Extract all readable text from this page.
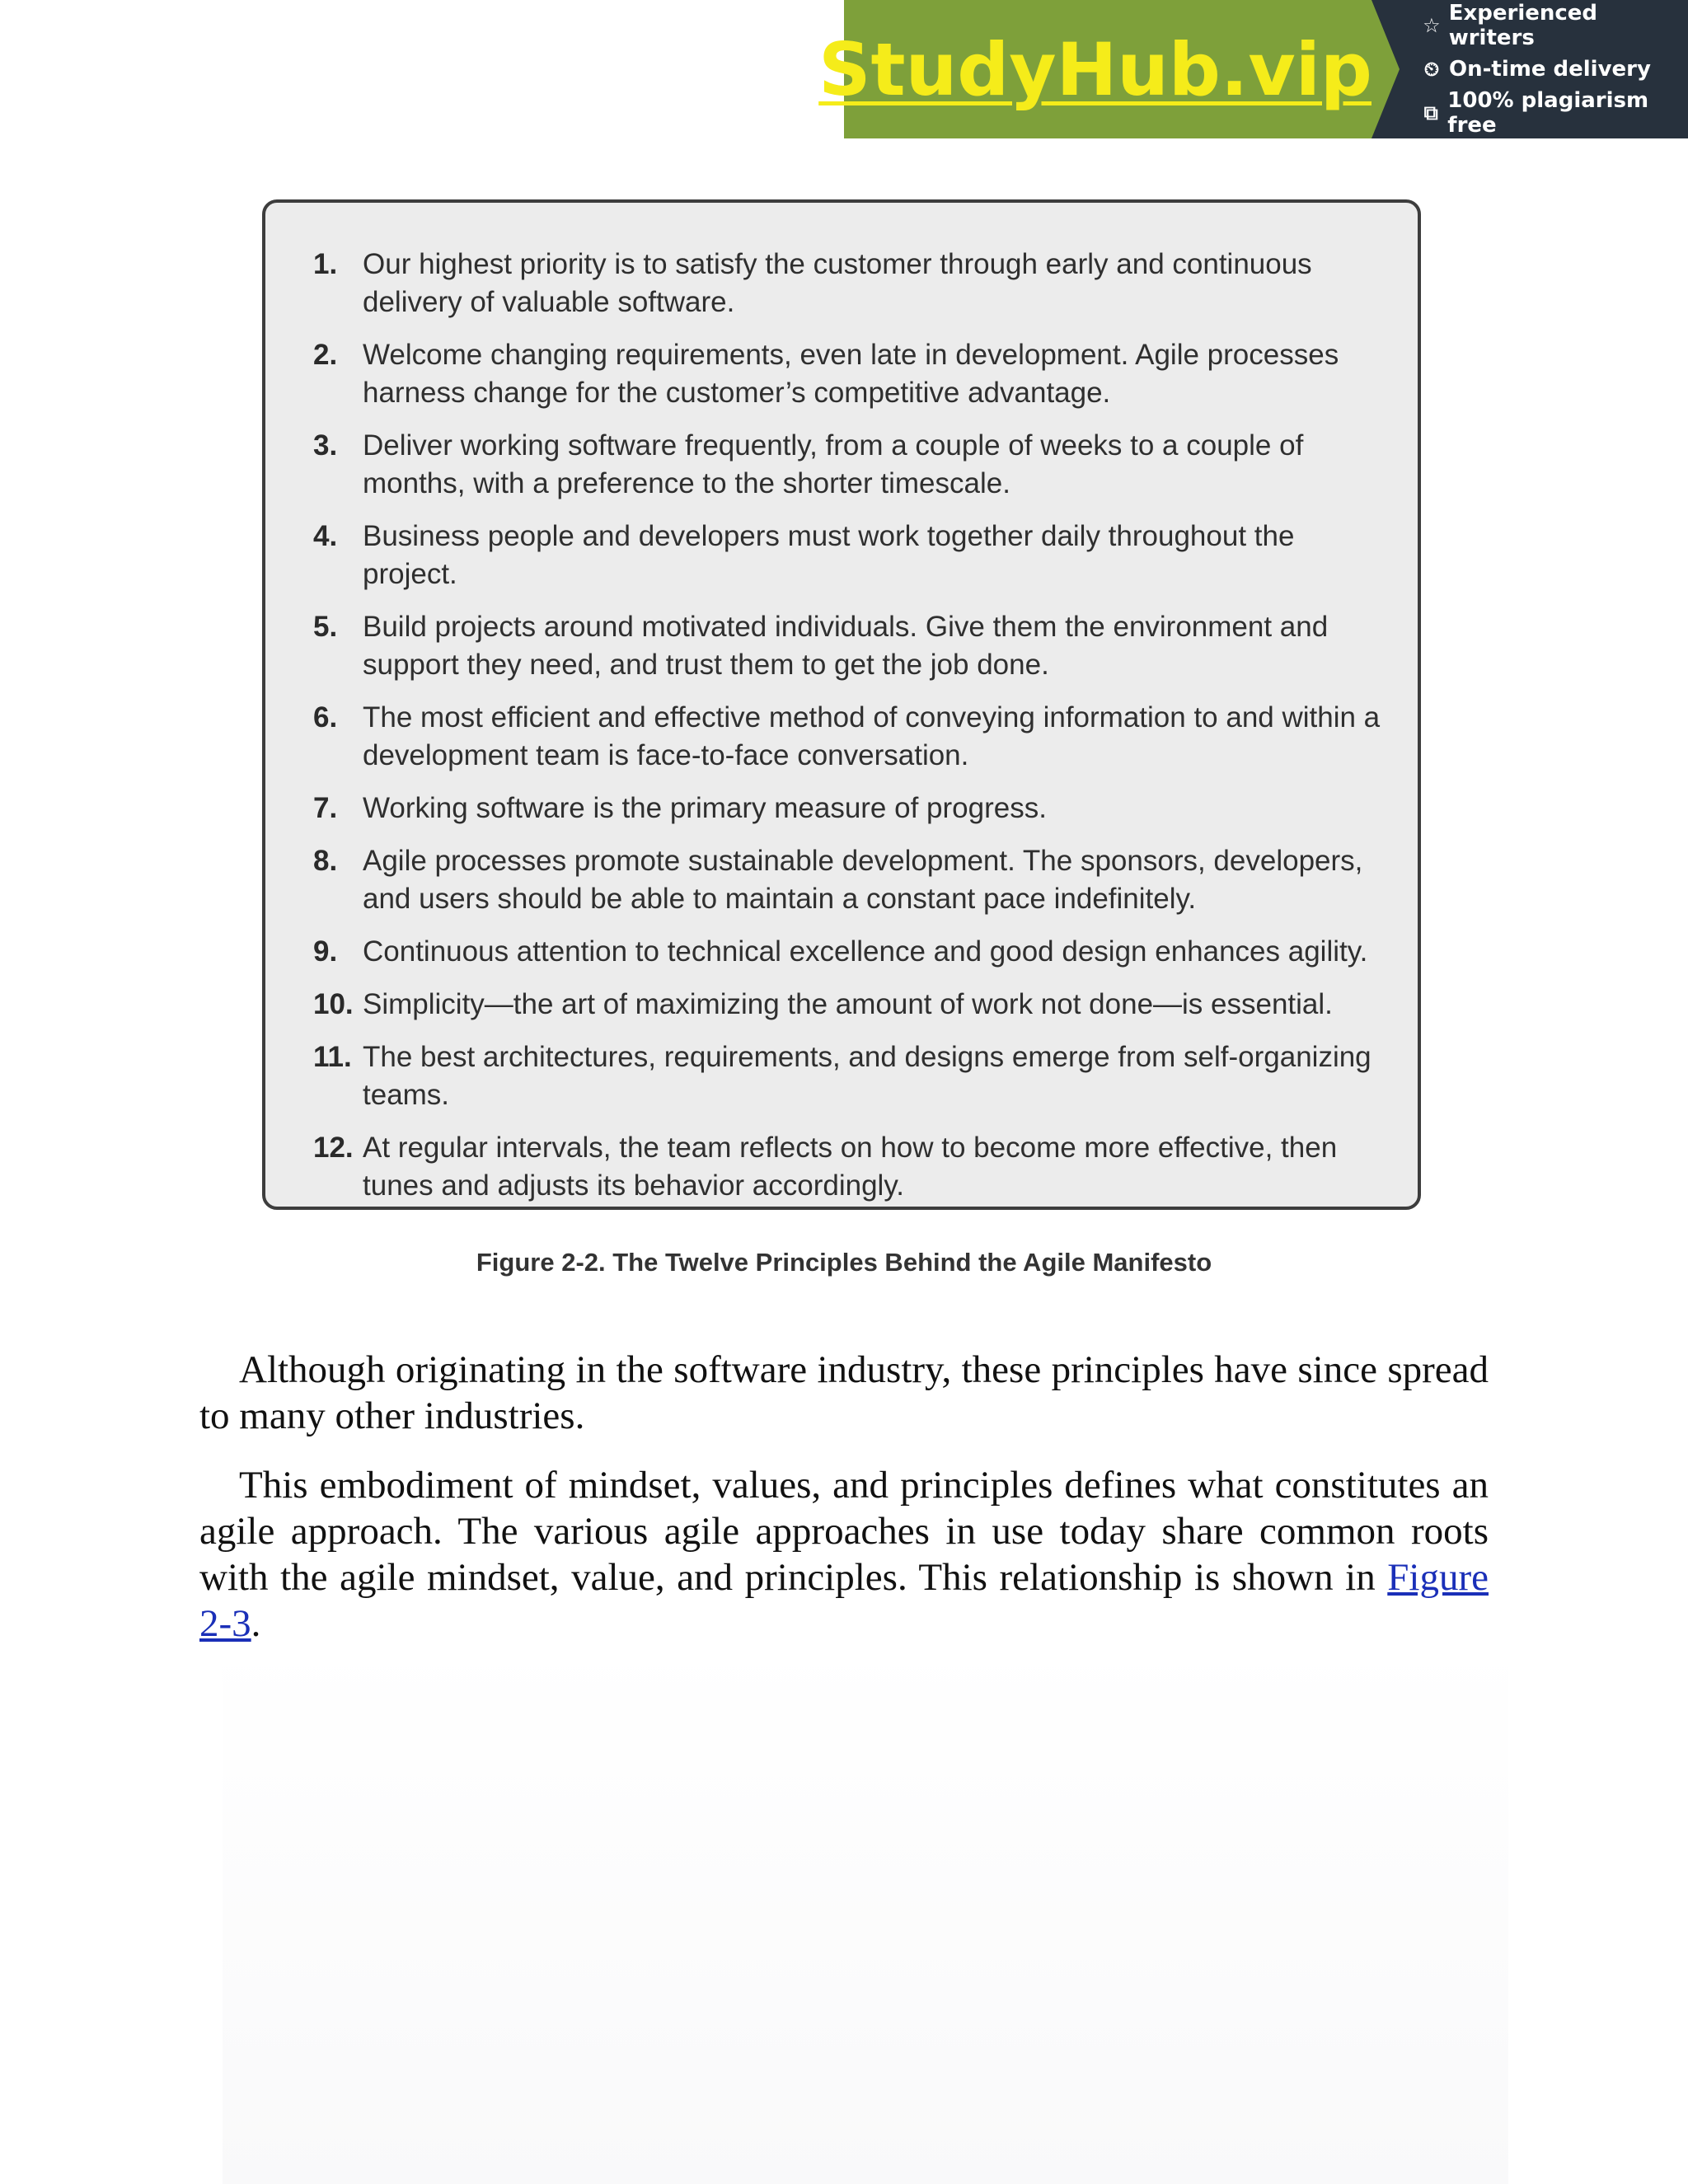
StudyHub.vip
☆ Experienced writers
⏲ On-time delivery
⧉ 100% plagiarism free
1. Our highest priority is to satisfy the customer through early and continuous delivery of valuable software.
2. Welcome changing requirements, even late in development. Agile processes harness change for the customer’s competitive advantage.
3. Deliver working software frequently, from a couple of weeks to a couple of months, with a preference to the shorter timescale.
4. Business people and developers must work together daily throughout the project.
5. Build projects around motivated individuals. Give them the environment and support they need, and trust them to get the job done.
6. The most efficient and effective method of conveying information to and within a development team is face-to-face conversation.
7. Working software is the primary measure of progress.
8. Agile processes promote sustainable development. The sponsors, developers, and users should be able to maintain a constant pace indefinitely.
9. Continuous attention to technical excellence and good design enhances agility.
10. Simplicity—the art of maximizing the amount of work not done—is essential.
11. The best architectures, requirements, and designs emerge from self-organizing teams.
12. At regular intervals, the team reflects on how to become more effective, then tunes and adjusts its behavior accordingly.
Figure 2-2. The Twelve Principles Behind the Agile Manifesto

Although originating in the software industry, these principles have since spread to many other industries.

This embodiment of mindset, values, and principles defines what constitutes an agile approach. The various agile approaches in use today share common roots with the agile mindset, value, and principles. This relationship is shown in Figure 2-3.
